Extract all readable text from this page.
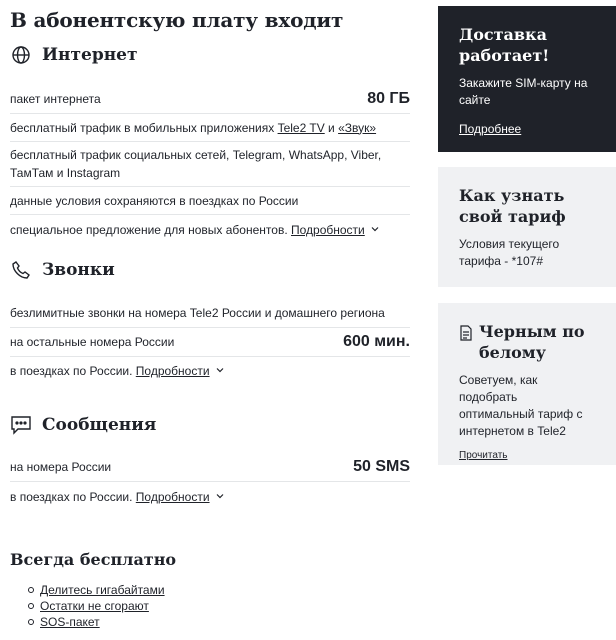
В абонентскую плату входит
Интернет
пакет интернета	80 ГБ
бесплатный трафик в мобильных приложениях Tele2 TV и «Звук»
бесплатный трафик социальных сетей, Telegram, WhatsApp, Viber, ТамТам и Instagram
данные условия сохраняются в поездках по России
специальное предложение для новых абонентов. Подробности
Звонки
безлимитные звонки на номера Tele2 России и домашнего региона
на остальные номера России	600 мин.
в поездках по России. Подробности
Сообщения
на номера России	50 SMS
в поездках по России. Подробности
Всегда бесплатно
Делитесь гигабайтами
Остатки не сгорают
SOS-пакет
Доставка работает!
Закажите SIM-карту на сайте
Подробнее
Как узнать свой тариф
Условия текущего тарифа - *107#
Черным по белому
Советуем, как подобрать оптимальный тариф с интернетом в Tele2
Прочитать
